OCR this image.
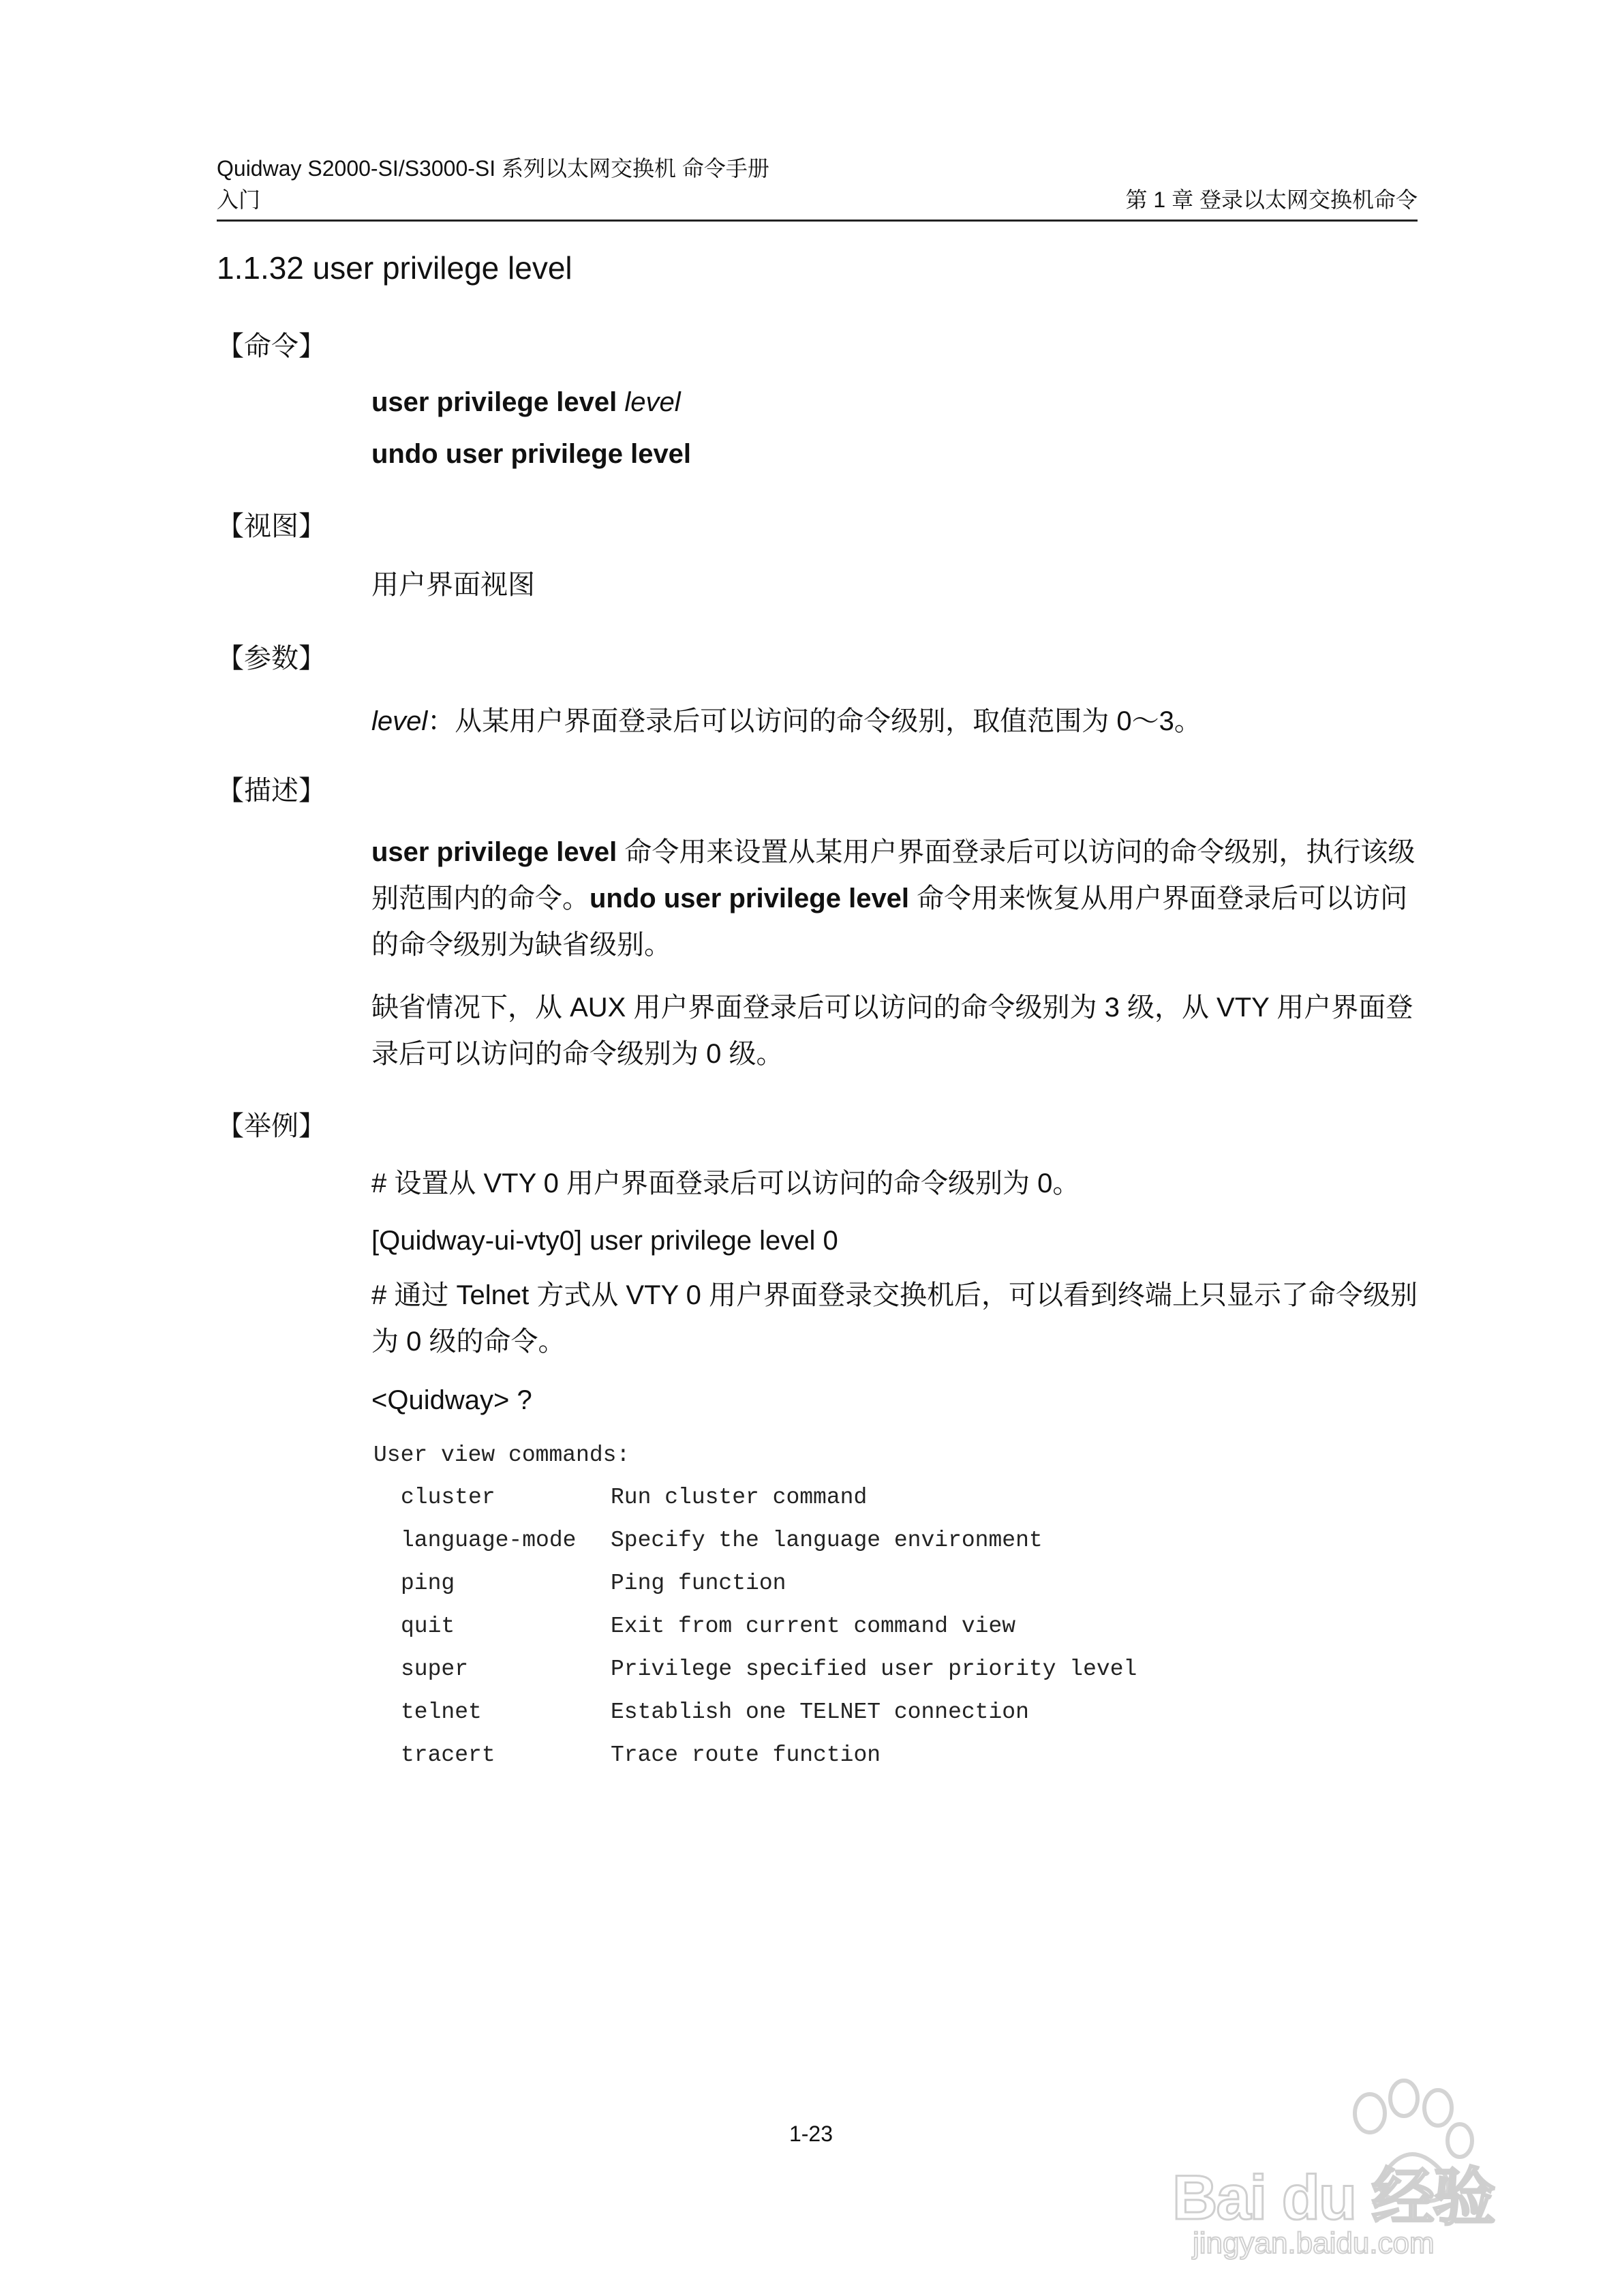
Quidway S2000-SI/S3000-SI 系列以太网交换机 命令手册
入门	第 1 章 登录以太网交换机命令
1.1.32 user privilege level
【命令】
user privilege level level
undo user privilege level
【视图】
用户界面视图
【参数】
level：从某用户界面登录后可以访问的命令级别，取值范围为 0～3。
【描述】
user privilege level 命令用来设置从某用户界面登录后可以访问的命令级别，执行该级别范围内的命令。undo user privilege level 命令用来恢复从用户界面登录后可以访问的命令级别为缺省级别。
缺省情况下，从 AUX 用户界面登录后可以访问的命令级别为 3 级，从 VTY 用户界面登录后可以访问的命令级别为 0 级。
【举例】
# 设置从 VTY 0 用户界面登录后可以访问的命令级别为 0。
[Quidway-ui-vty0] user privilege level 0
# 通过 Telnet 方式从 VTY 0 用户界面登录交换机后，可以看到终端上只显示了命令级别为 0 级的命令。
<Quidway> ?
User view commands:
cluster	Run cluster command
language-mode Specify the language environment
ping	Ping function
quit	Exit from current command view
super	Privilege specified user priority level
telnet	Establish one TELNET connection
tracert	Trace route function
1-23
Bai du 经验
jingyan.baidu.com
